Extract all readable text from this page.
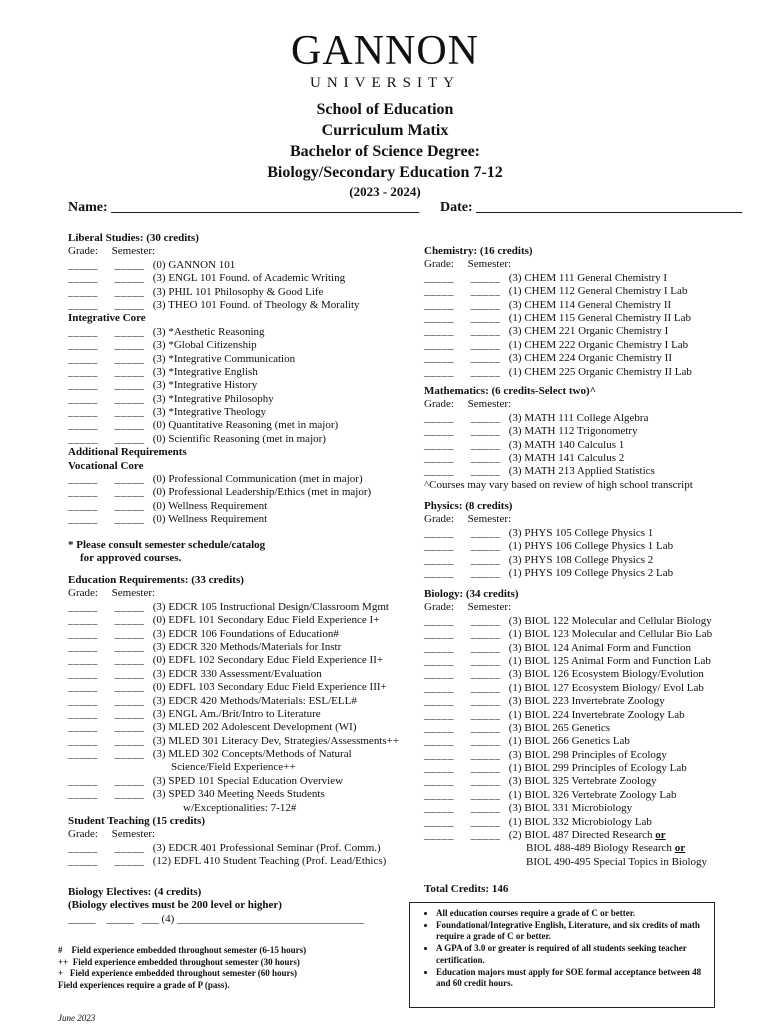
GANNON
UNIVERSITY
School of Education
Curriculum Matix
Bachelor of Science Degree:
Biology/Secondary Education 7-12
(2023 - 2024)
Name: ____________________________________________ Date: ______________________________________
Liberal Studies: (30 credits)
Grade:     Semester:
_____ _____ (0) GANNON 101
_____ _____ (3) ENGL 101 Found. of Academic Writing
_____ _____ (3) PHIL 101 Philosophy & Good Life
_____ _____ (3) THEO 101 Found. of Theology & Morality
Integrative Core
_____ _____ (3) *Aesthetic Reasoning
_____ _____ (3) *Global Citizenship
_____ _____ (3) *Integrative Communication
_____ _____ (3) *Integrative English
_____ _____ (3) *Integrative History
_____ _____ (3) *Integrative Philosophy
_____ _____ (3) *Integrative Theology
_____ _____ (0) Quantitative Reasoning (met in major)
_____ _____ (0) Scientific Reasoning (met in major)
Additional Requirements
Vocational Core
_____ _____ (0) Professional Communication (met in major)
_____ _____ (0) Professional Leadership/Ethics (met in major)
_____ _____ (0) Wellness Requirement
_____ _____ (0) Wellness Requirement
* Please consult semester schedule/catalog
for approved courses.
Education Requirements: (33 credits)
Grade:     Semester:
_____ _____ (3) EDCR 105 Instructional Design/Classroom Mgmt
_____ _____ (0) EDFL 101 Secondary Educ Field Experience I+
_____ _____ (3) EDCR 106 Foundations of Education#
_____ _____ (3) EDCR 320 Methods/Materials for Instr
_____ _____ (0) EDFL 102 Secondary Educ Field Experience II+
_____ _____ (3) EDCR 330 Assessment/Evaluation
_____ _____ (0) EDFL 103 Secondary Educ Field Experience III+
_____ _____ (3) EDCR 420 Methods/Materials: ESL/ELL#
_____ _____ (3) ENGL Am./Brit/Intro to Literature
_____ _____ (3) MLED 202 Adolescent Development (WI)
_____ _____ (3) MLED 301 Literacy Dev, Strategies/Assessments++
_____ _____ (3) MLED 302 Concepts/Methods of Natural
Science/Field Experience++
_____ _____ (3) SPED 101 Special Education Overview
_____ _____ (3) SPED 340 Meeting Needs Students
w/Exceptionalities: 7-12#
Student Teaching (15 credits)
Grade:     Semester:
_____ _____ (3) EDCR 401 Professional Seminar (Prof. Comm.)
_____ _____ (12) EDFL 410 Student Teaching (Prof. Lead/Ethics)
Biology Electives: (4 credits)
(Biology electives must be 200 level or higher)
_____    _____   ___ (4) __________________________________
#    Field experience embedded throughout semester (6-15 hours)
++  Field experience embedded throughout semester (30 hours)
+   Field experience embedded throughout semester (60 hours)
Field experiences require a grade of P (pass).
Chemistry: (16 credits)
Grade:     Semester:
_____ _____ (3) CHEM 111 General Chemistry I
_____ _____ (1) CHEM 112 General Chemistry I Lab
_____ _____ (3) CHEM 114 General Chemistry II
_____ _____ (1) CHEM 115 General Chemistry II Lab
_____ _____ (3) CHEM 221 Organic Chemistry I
_____ _____ (1) CHEM 222 Organic Chemistry I Lab
_____ _____ (3) CHEM 224 Organic Chemistry II
_____ _____ (1) CHEM 225 Organic Chemistry II Lab
Mathematics: (6 credits-Select two)^
Grade:     Semester:
_____ _____ (3) MATH 111 College Algebra
_____ _____ (3) MATH 112 Trigonometry
_____ _____ (3) MATH 140 Calculus 1
_____ _____ (3) MATH 141 Calculus 2
_____ _____ (3) MATH 213 Applied Statistics
^Courses may vary based on review of high school transcript
Physics: (8 credits)
Grade:     Semester:
_____ _____ (3) PHYS 105 College Physics 1
_____ _____ (1) PHYS 106 College Physics 1 Lab
_____ _____ (3) PHYS 108 College Physics 2
_____ _____ (1) PHYS 109 College Physics 2 Lab
Biology: (34 credits)
Grade:     Semester:
_____ _____ (3) BIOL 122 Molecular and Cellular Biology
_____ _____ (1) BIOL 123 Molecular and Cellular Bio Lab
_____ _____ (3) BIOL 124 Animal Form and Function
_____ _____ (1) BIOL 125 Animal Form and Function Lab
_____ _____ (3) BIOL 126 Ecosystem Biology/Evolution
_____ _____ (1) BIOL 127 Ecosystem Biology/ Evol Lab
_____ _____ (3) BIOL 223 Invertebrate Zoology
_____ _____ (1) BIOL 224 Invertebrate Zoology Lab
_____ _____ (3) BIOL 265 Genetics
_____ _____ (1) BIOL 266 Genetics Lab
_____ _____ (3) BIOL 298 Principles of Ecology
_____ _____ (1) BIOL 299 Principles of Ecology Lab
_____ _____ (3) BIOL 325 Vertebrate Zoology
_____ _____ (1) BIOL 326 Vertebrate Zoology Lab
_____ _____ (3) BIOL 331 Microbiology
_____ _____ (1) BIOL 332 Microbiology Lab
_____ _____ (2) BIOL 487 Directed Research or
BIOL 488-489 Biology Research or
BIOL 490-495 Special Topics in Biology
Total Credits: 146
• All education courses require a grade of C or better.
• Foundational/Integrative English, Literature, and six credits of math require a grade of C or better.
• A GPA of 3.0 or greater is required of all students seeking teacher certification.
• Education majors must apply for SOE formal acceptance between 48 and 60 credit hours.
June 2023
